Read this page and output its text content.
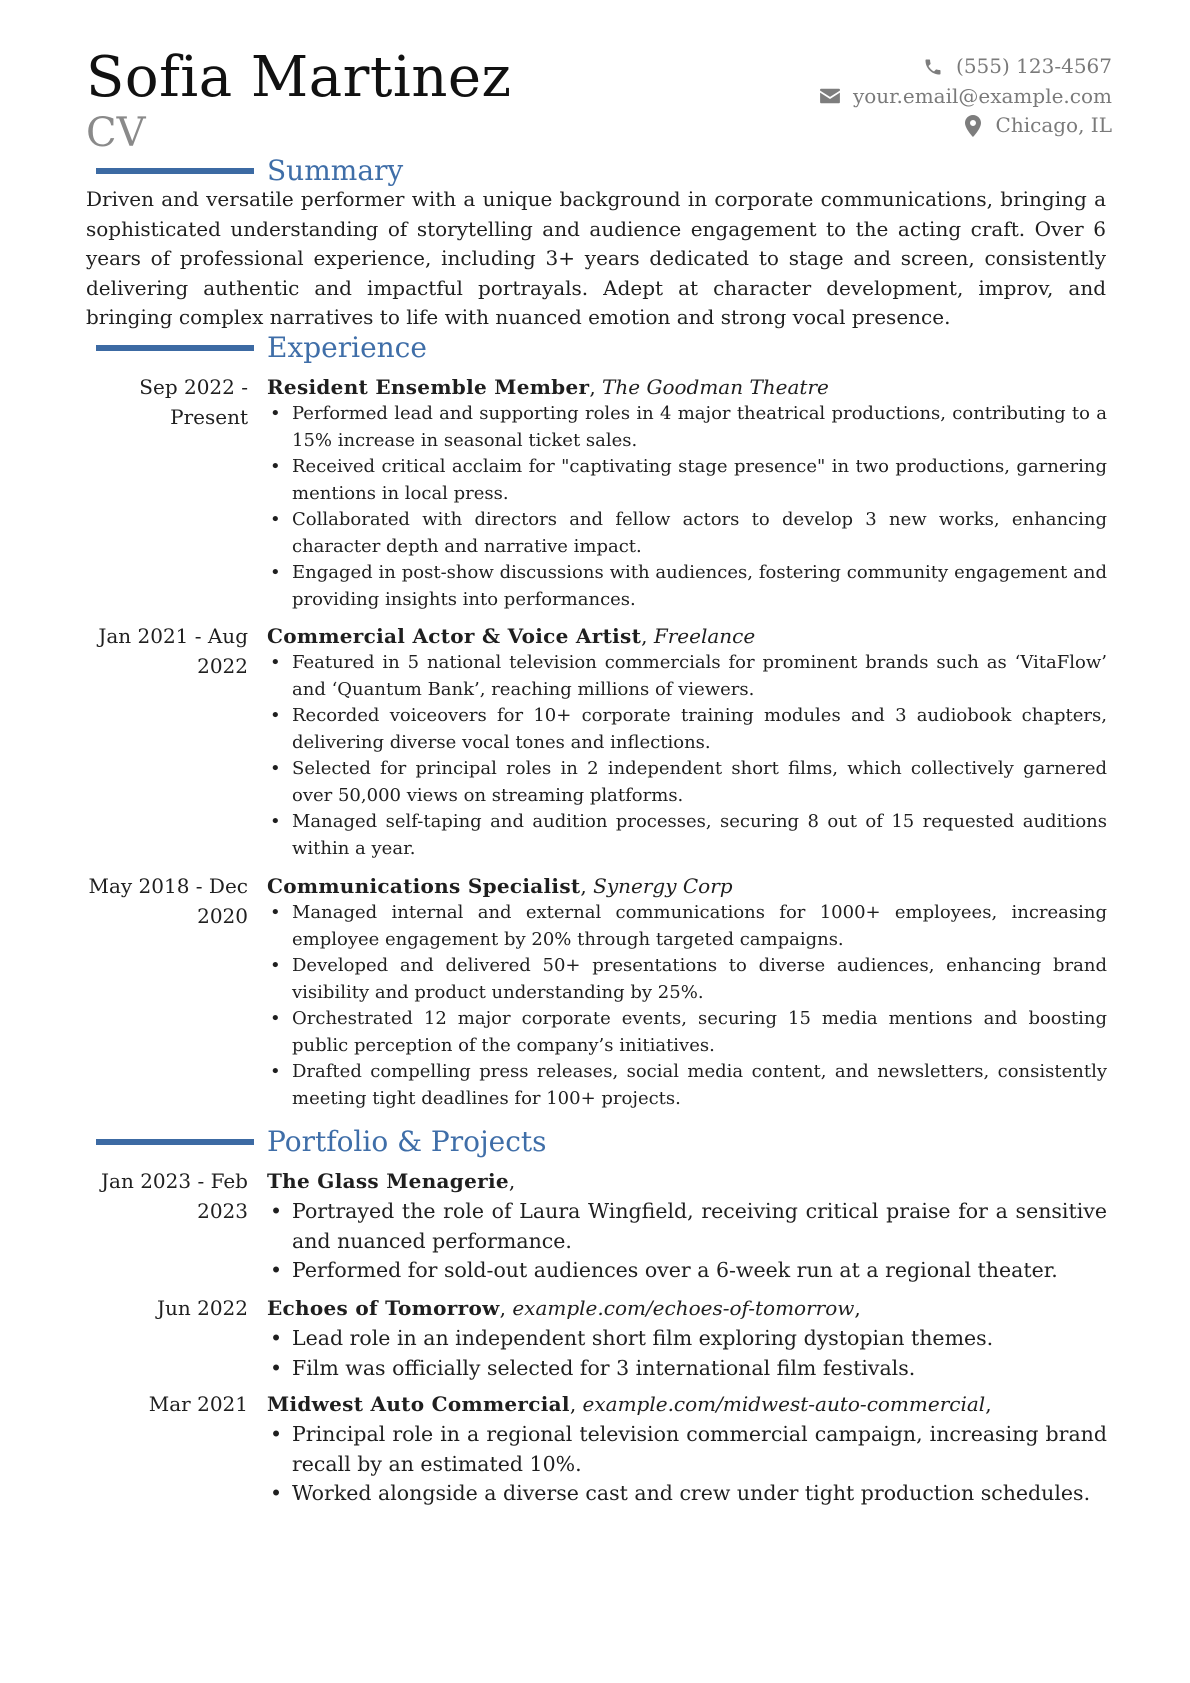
Sofia Martinez
CV
(555) 123-4567
your.email@example.com
Chicago, IL
Summary
Driven and versatile performer with a unique background in corporate communications, bringing a sophisticated understanding of storytelling and audience engagement to the acting craft. Over 6 years of professional experience, including 3+ years dedicated to stage and screen, consistently delivering authentic and impactful portrayals. Adept at character development, improv, and bringing complex narratives to life with nuanced emotion and strong vocal presence.
Experience
Sep 2022 - Present
Resident Ensemble Member, The Goodman Theatre
• Performed lead and supporting roles in 4 major theatrical productions, contributing to a 15% increase in seasonal ticket sales.
• Received critical acclaim for "captivating stage presence" in two productions, garnering mentions in local press.
• Collaborated with directors and fellow actors to develop 3 new works, enhancing character depth and narrative impact.
• Engaged in post-show discussions with audiences, fostering community engagement and providing insights into performances.
Jan 2021 - Aug 2022
Commercial Actor & Voice Artist, Freelance
• Featured in 5 national television commercials for prominent brands such as ‘VitaFlow’ and ‘Quantum Bank’, reaching millions of viewers.
• Recorded voiceovers for 10+ corporate training modules and 3 audiobook chapters, delivering diverse vocal tones and inflections.
• Selected for principal roles in 2 independent short films, which collectively garnered over 50,000 views on streaming platforms.
• Managed self-taping and audition processes, securing 8 out of 15 requested auditions within a year.
May 2018 - Dec 2020
Communications Specialist, Synergy Corp
• Managed internal and external communications for 1000+ employees, increasing employee engagement by 20% through targeted campaigns.
• Developed and delivered 50+ presentations to diverse audiences, enhancing brand visibility and product understanding by 25%.
• Orchestrated 12 major corporate events, securing 15 media mentions and boosting public perception of the company’s initiatives.
• Drafted compelling press releases, social media content, and newsletters, consistently meeting tight deadlines for 100+ projects.
Portfolio & Projects
Jan 2023 - Feb 2023
The Glass Menagerie,
• Portrayed the role of Laura Wingfield, receiving critical praise for a sensitive and nuanced performance.
• Performed for sold-out audiences over a 6-week run at a regional theater.
Jun 2022 Echoes of Tomorrow, example.com/echoes-of-tomorrow,
• Lead role in an independent short film exploring dystopian themes.
• Film was officially selected for 3 international film festivals.
Mar 2021 Midwest Auto Commercial, example.com/midwest-auto-commercial,
• Principal role in a regional television commercial campaign, increasing brand recall by an estimated 10%.
• Worked alongside a diverse cast and crew under tight production schedules.
